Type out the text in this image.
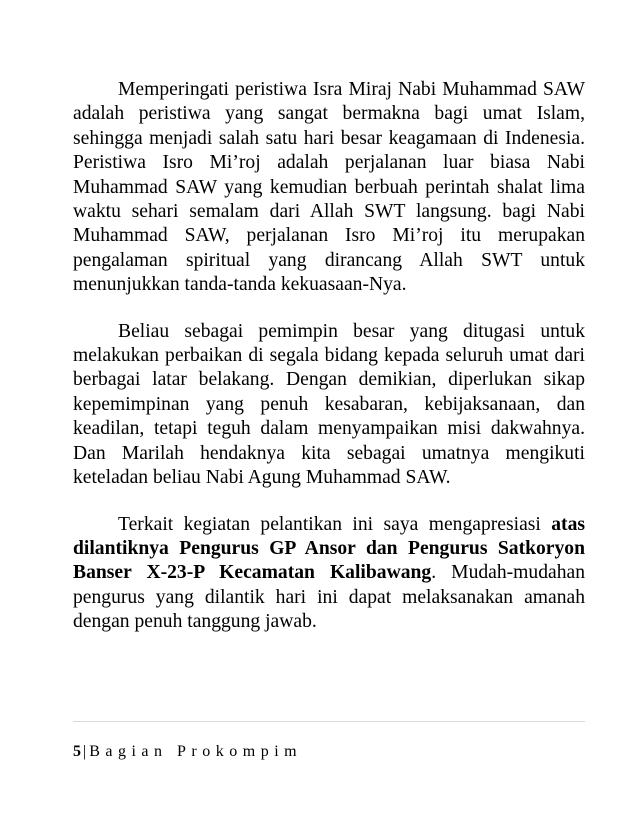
Memperingati peristiwa Isra Miraj Nabi Muhammad SAW adalah peristiwa yang sangat bermakna bagi umat Islam, sehingga menjadi salah satu hari besar keagamaan di Indenesia. Peristiwa Isro Mi’roj adalah perjalanan luar biasa Nabi Muhammad SAW yang kemudian berbuah perintah shalat lima waktu sehari semalam dari Allah SWT langsung. bagi Nabi Muhammad SAW, perjalanan Isro Mi’roj itu merupakan pengalaman spiritual yang dirancang Allah SWT untuk menunjukkan tanda-tanda kekuasaan-Nya.

Beliau sebagai pemimpin besar yang ditugasi untuk melakukan perbaikan di segala bidang kepada seluruh umat dari berbagai latar belakang. Dengan demikian, diperlukan sikap kepemimpinan yang penuh kesabaran, kebijaksanaan, dan keadilan, tetapi teguh dalam menyampaikan misi dakwahnya. Dan Marilah hendaknya kita sebagai umatnya mengikuti keteladan beliau Nabi Agung Muhammad SAW.

Terkait kegiatan pelantikan ini saya mengapresiasi atas dilantiknya Pengurus GP Ansor dan Pengurus Satkoryon Banser X-23-P Kecamatan Kalibawang. Mudah-mudahan pengurus yang dilantik hari ini dapat melaksanakan amanah dengan penuh tanggung jawab.

5 | Bagian Prokompim
